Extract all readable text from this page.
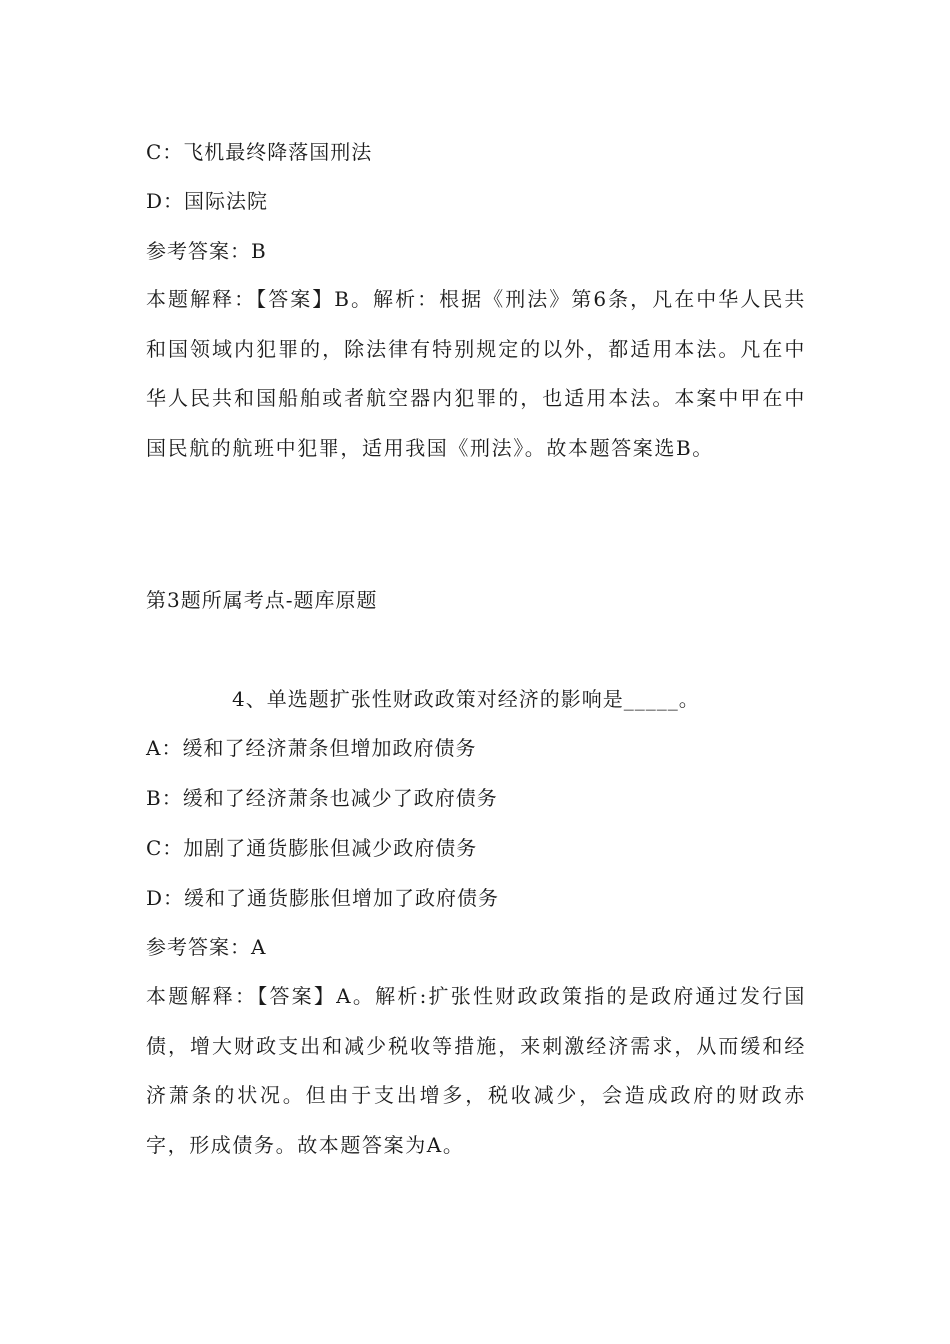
C：飞机最终降落国刑法
D：国际法院
参考答案：B
本题解释：【答案】B。解析：根据《刑法》第6条，凡在中华人民共和国领域内犯罪的，除法律有特别规定的以外，都适用本法。凡在中华人民共和国船舶或者航空器内犯罪的，也适用本法。本案中甲在中国民航的航班中犯罪，适用我国《刑法》。故本题答案选B。
第3题所属考点-题库原题
4、单选题扩张性财政政策对经济的影响是_____。
A：缓和了经济萧条但增加政府债务
B：缓和了经济萧条也减少了政府债务
C：加剧了通货膨胀但减少政府债务
D：缓和了通货膨胀但增加了政府债务
参考答案：A
本题解释：【答案】A。解析:扩张性财政政策指的是政府通过发行国债，增大财政支出和减少税收等措施，来刺激经济需求，从而缓和经济萧条的状况。但由于支出增多，税收减少，会造成政府的财政赤字，形成债务。故本题答案为A。
